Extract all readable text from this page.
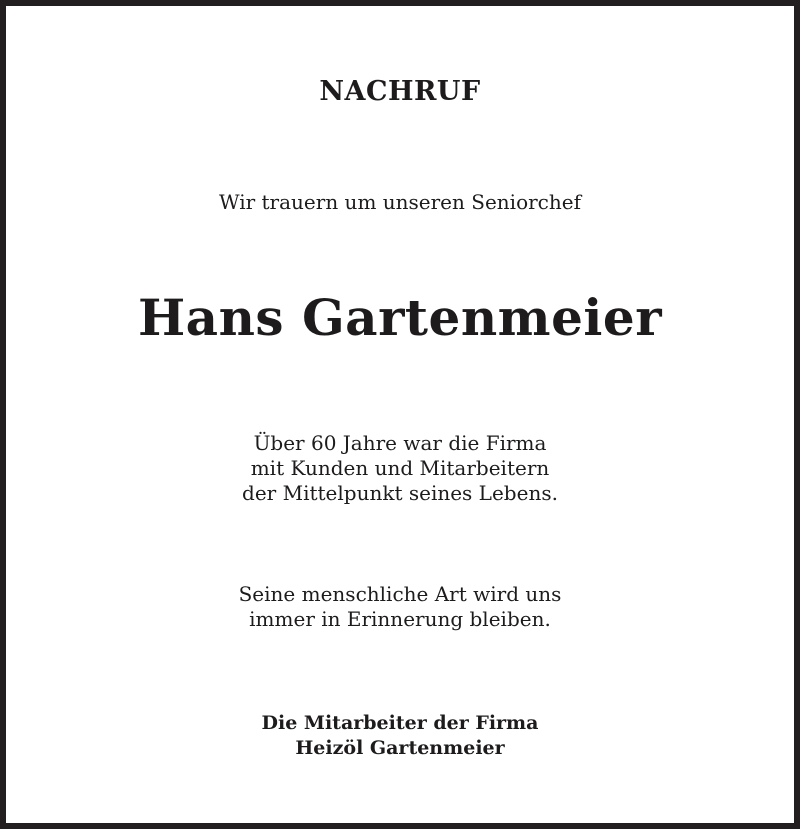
NACHRUF

Wir trauern um unseren Seniorchef

Hans Gartenmeier

Über 60 Jahre war die Firma
mit Kunden und Mitarbeitern
der Mittelpunkt seines Lebens.

Seine menschliche Art wird uns
immer in Erinnerung bleiben.

Die Mitarbeiter der Firma
Heizöl Gartenmeier
